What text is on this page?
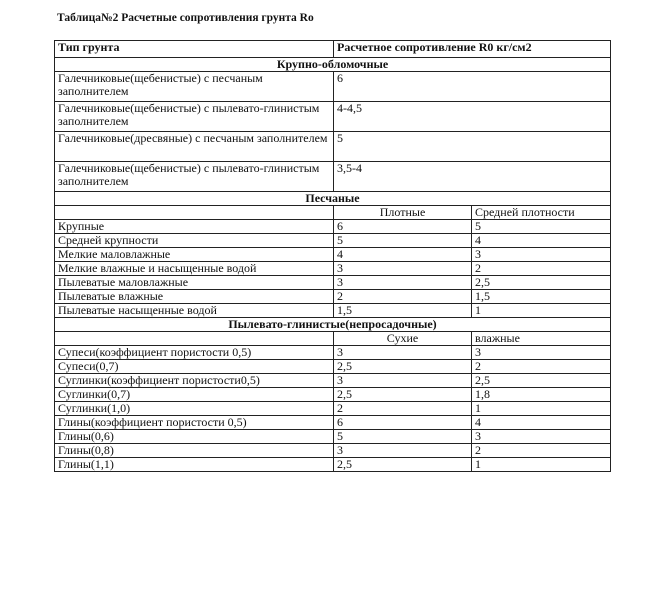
Таблица№2 Расчетные сопротивления грунта Ro
Тип грунта	Расчетное сопротивление R0 кг/см2	
Крупно-обломочные		
Галечниковые(щебенистые) с песчаным заполнителем	6	
Галечниковые(щебенистые) с пылевато-глинистым заполнителем	4-4,5	
Галечниковые(дресвяные) с песчаным заполнителем	5	
Галечниковые(щебенистые) с пылевато-глинистым заполнителем	3,5-4	
Песчаные		
	Плотные	Средней плотности
Крупные	6	5
Средней крупности	5	4
Мелкие маловлажные	4	3
Мелкие влажные и насыщенные водой	3	2
Пылеватые маловлажные	3	2,5
Пылеватые влажные	2	1,5
Пылеватые насыщенные водой	1,5	1
Пылевато-глинистые(непросадочные)		
	Сухие	влажные
Супеси(коэффициент пористости 0,5)	3	3
Супеси(0,7)	2,5	2
Суглинки(коэффициент пористости0,5)	3	2,5
Суглинки(0,7)	2,5	1,8
Суглинки(1,0)	2	1
Глины(коэффициент пористости 0,5)	6	4
Глины(0,6)	5	3
Глины(0,8)	3	2
Глины(1,1)	2,5	1
